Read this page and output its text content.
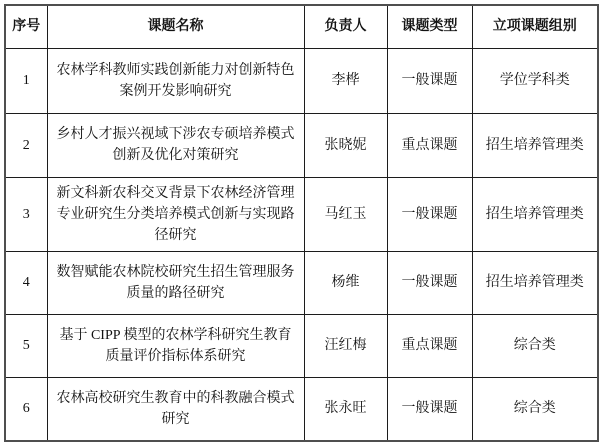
序号	课题名称	负责人	课题类型	立项课题组别
1	农林学科教师实践创新能力对创新特色案例开发影响研究	李桦	一般课题	学位学科类
2	乡村人才振兴视域下涉农专硕培养模式创新及优化对策研究	张晓妮	重点课题	招生培养管理类
3	新文科新农科交叉背景下农林经济管理专业研究生分类培养模式创新与实现路径研究	马红玉	一般课题	招生培养管理类
4	数智赋能农林院校研究生招生管理服务质量的路径研究	杨维	一般课题	招生培养管理类
5	基于 CIPP 模型的农林学科研究生教育质量评价指标体系研究	汪红梅	重点课题	综合类
6	农林高校研究生教育中的科教融合模式研究	张永旺	一般课题	综合类
